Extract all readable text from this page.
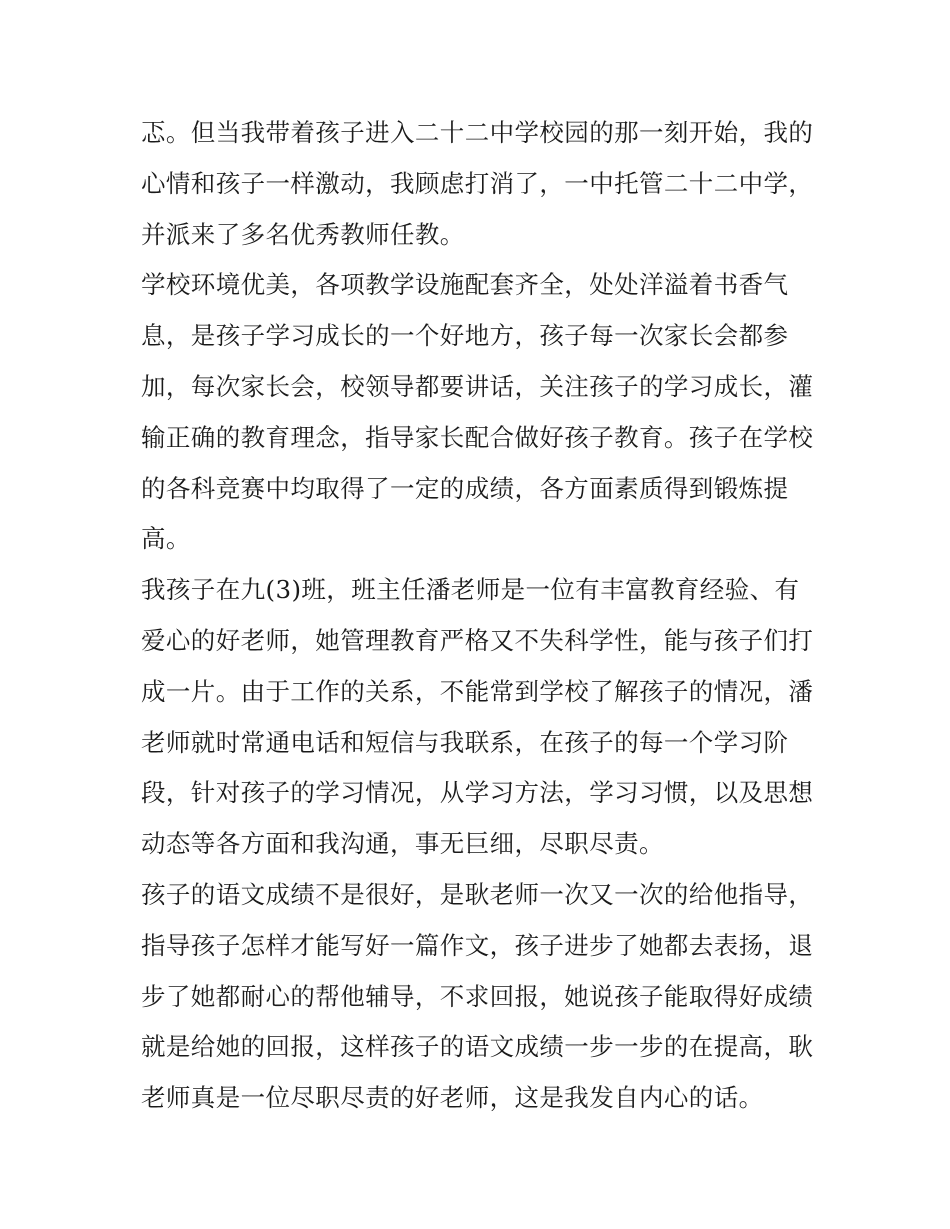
忑。但当我带着孩子进入二十二中学校园的那一刻开始，我的
心情和孩子一样激动，我顾虑打消了，一中托管二十二中学，
并派来了多名优秀教师任教。
学校环境优美，各项教学设施配套齐全，处处洋溢着书香气
息，是孩子学习成长的一个好地方，孩子每一次家长会都参
加，每次家长会，校领导都要讲话，关注孩子的学习成长，灌
输正确的教育理念，指导家长配合做好孩子教育。孩子在学校
的各科竞赛中均取得了一定的成绩，各方面素质得到锻炼提
高。
我孩子在九(3)班，班主任潘老师是一位有丰富教育经验、有
爱心的好老师，她管理教育严格又不失科学性，能与孩子们打
成一片。由于工作的关系，不能常到学校了解孩子的情况，潘
老师就时常通电话和短信与我联系，在孩子的每一个学习阶
段，针对孩子的学习情况，从学习方法，学习习惯，以及思想
动态等各方面和我沟通，事无巨细，尽职尽责。
孩子的语文成绩不是很好，是耿老师一次又一次的给他指导，
指导孩子怎样才能写好一篇作文，孩子进步了她都去表扬，退
步了她都耐心的帮他辅导，不求回报，她说孩子能取得好成绩
就是给她的回报，这样孩子的语文成绩一步一步的在提高，耿
老师真是一位尽职尽责的好老师，这是我发自内心的话。
